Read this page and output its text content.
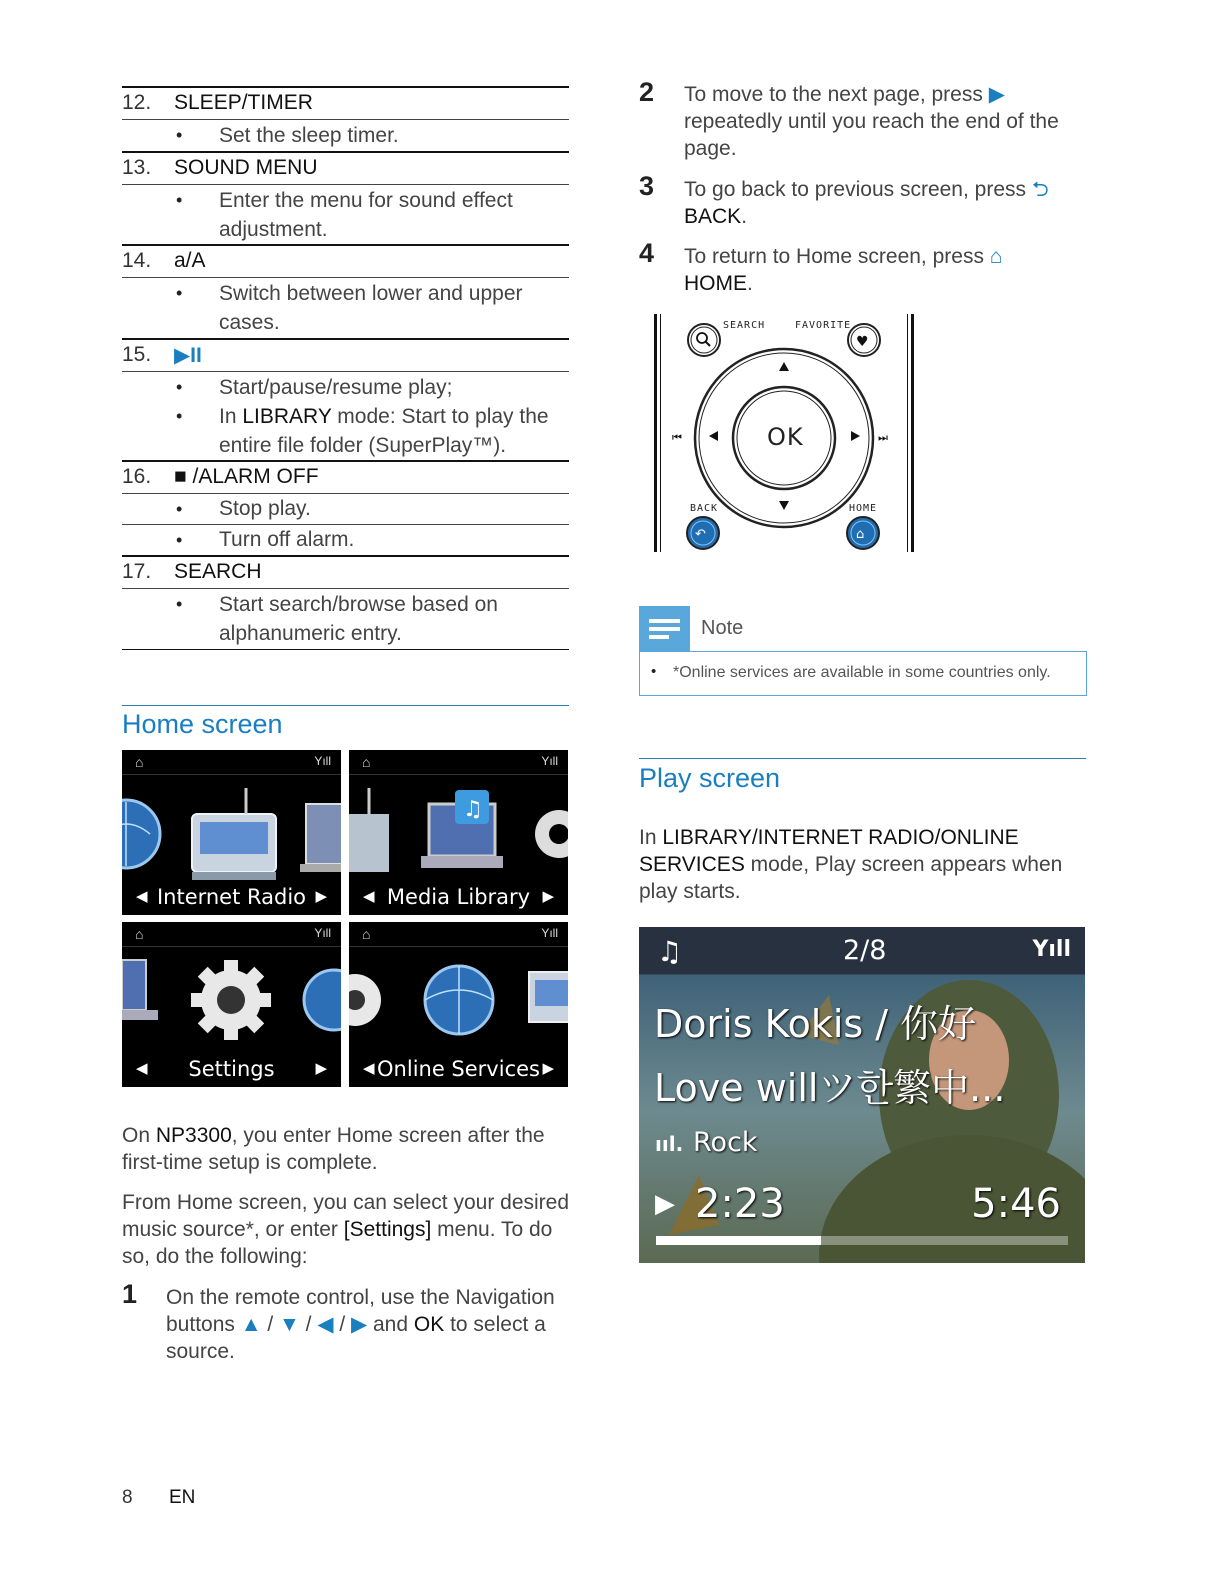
12. SLEEP/TIMER
• Set the sleep timer.
13. SOUND MENU
• Enter the menu for sound effect adjustment.
14. a/A
• Switch between lower and upper cases.
15. ▶II
• Start/pause/resume play;
• In LIBRARY mode: Start to play the entire file folder (SuperPlay™).
16. ■ /ALARM OFF
• Stop play.
• Turn off alarm.
17. SEARCH
• Start search/browse based on alphanumeric entry.
Home screen
⌂	Yıll
◀ Internet Radio ▶
⌂	Yıll
♫
◀ Media Library ▶
⌂	Yıll
◀	Settings	▶
⌂	Yıll
◀ Online Services ▶
On NP3300, you enter Home screen after the first-time setup is complete.
From Home screen, you can select your desired music source*, or enter [Settings] menu. To do so, do the following:
1 On the remote control, use the Navigation buttons ▲ / ▼ / ◀ / ▶ and OK to select a source.
8 EN
2 To move to the next page, press ▶ repeatedly until you reach the end of the page.
3 To go back to previous screen, press ⮌
BACK.
4 To return to Home screen, press ⌂
HOME.
⏮	⏭
♥
↶	⌂
SEARCH	FAVORITE
OK
BACK	HOME
Note
• *Online services are available in some countries only.
Play screen
In LIBRARY/INTERNET RADIO/ONLINE SERVICES mode, Play screen appears when play starts.
♫	2/8	Yıll
Doris Kokis / 你好
Love willツ한繁中...
ııl. Rock
▶ 2:23	5:46
